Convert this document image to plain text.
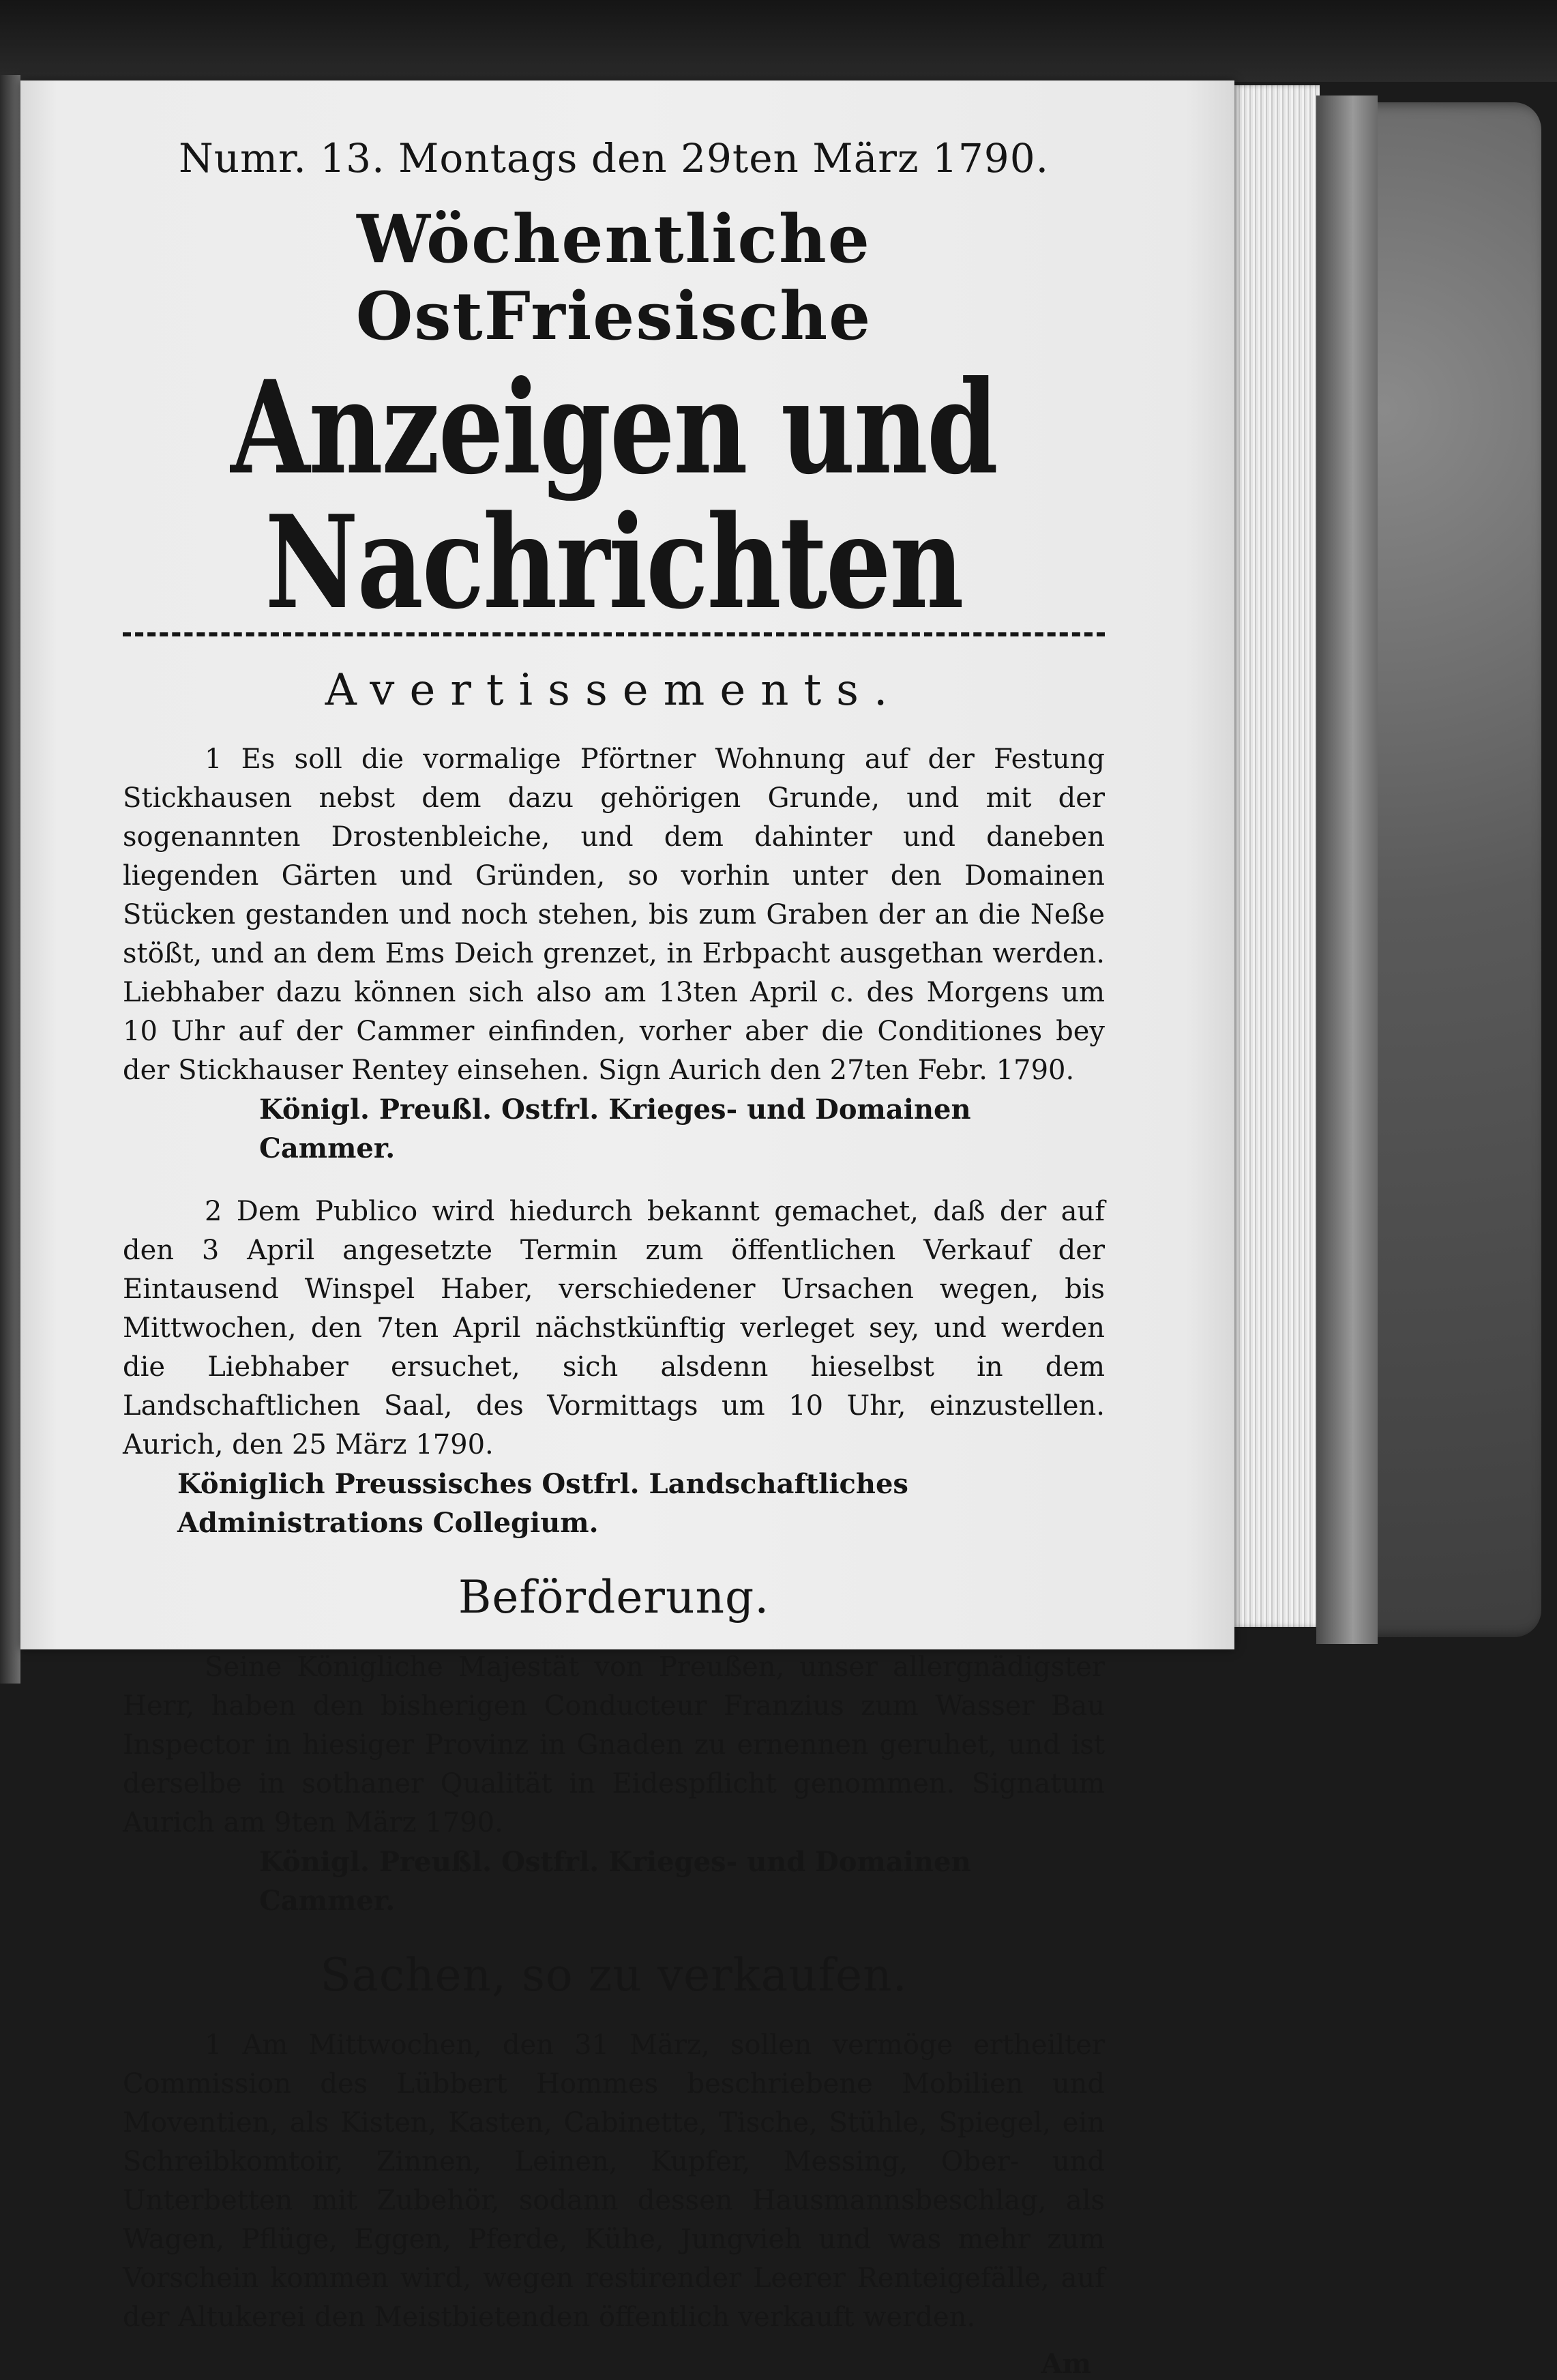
Numr. 13. Montags den 29ten März 1790.
Wöchentliche OstFriesische
Anzeigen und Nachrichten
Avertissements.

1 Es soll die vormalige Pförtner Wohnung auf der Festung Stickhausen nebst dem dazu gehörigen Grunde, und mit der sogenannten Drostenbleiche, und dem dahinter und daneben liegenden Gärten und Gründen, so vorhin unter den Domainen Stücken gestanden und noch stehen, bis zum Graben der an die Neße stößt, und an dem Ems Deich grenzet, in Erbpacht ausgethan werden. Liebhaber dazu können sich also am 13ten April c. des Morgens um 10 Uhr auf der Cammer einfinden, vorher aber die Conditiones bey der Stickhauser Rentey einsehen. Sign Aurich den 27ten Febr. 1790.

Königl. Preußl. Ostfrl. Krieges- und Domainen Cammer.

2 Dem Publico wird hiedurch bekannt gemachet, daß der auf den 3 April angesetzte Termin zum öffentlichen Verkauf der Eintausend Winspel Haber, verschiedener Ursachen wegen, bis Mittwochen, den 7ten April nächstkünftig verleget sey, und werden die Liebhaber ersuchet, sich alsdenn hieselbst in dem Landschaftlichen Saal, des Vormittags um 10 Uhr, einzustellen. Aurich, den 25 März 1790.

Königlich Preussisches Ostfrl. Landschaftliches Administrations Collegium.

Beförderung.

Seine Königliche Majestät von Preußen, unser allergnädigster Herr, haben den bisherigen Conducteur Franzius zum Wasser Bau Inspector in hiesiger Provinz in Gnaden zu ernennen geruhet, und ist derselbe in sothaner Qualität in Eidespflicht genommen. Signatum Aurich am 9ten März 1790.

Königl. Preußl. Ostfrl. Krieges- und Domainen Cammer.

Sachen, so zu verkaufen.

1 Am Mittwochen, den 31 März, sollen vermöge ertheilter Commission des Lübbert Hommes beschriebene Mobilien und Moventien, als Kisten, Kasten, Cabinette, Tische, Stühle, Spiegel, ein Schreibkomtoir, Zinnen, Leinen, Kupfer, Messing, Ober- und Unterbetten mit Zubehör, sodann dessen Hausmannsbeschlag, als Wagen, Pflüge, Eggen, Pferde, Kühe, Jungvieh und was mehr zum Vorschein kommen wird, wegen restirender Leerer Renteigefälle, auf der Altukerei den Meistbietenden öffentlich verkauft werden.

Am
